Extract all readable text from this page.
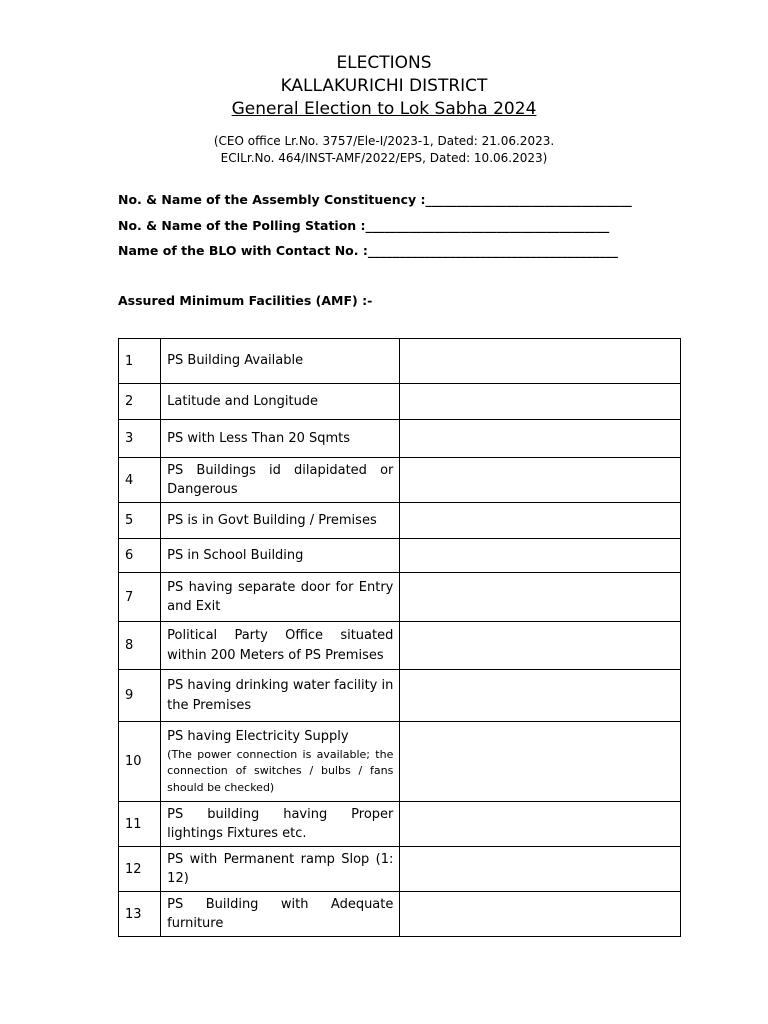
ELECTIONS
KALLAKURICHI DISTRICT
General Election to Lok Sabha 2024
(CEO office Lr.No. 3757/Ele-I/2023-1, Dated: 21.06.2023.
ECILr.No. 464/INST-AMF/2022/EPS, Dated: 10.06.2023)
No. & Name of the Assembly Constituency :_________________________________
No. & Name of the Polling Station :_______________________________________
Name of the BLO with Contact No. :________________________________________
Assured Minimum Facilities (AMF) :-
1	PS Building Available	
2	Latitude and Longitude	
3	PS with Less Than 20 Sqmts	
4	PS Buildings id dilapidated or Dangerous	
5	PS is in Govt Building / Premises	
6	PS in School Building	
7	PS having separate door for Entry and Exit	
8	Political Party Office situated within 200 Meters of PS Premises	
9	PS having drinking water facility in the Premises	
10	PS having Electricity Supply
(The power connection is available; the connection of switches / bulbs / fans should be checked)	

11	PS building having Proper lightings Fixtures etc.	
12	PS with Permanent ramp Slop (1: 12)	
13	PS Building with Adequate furniture	
